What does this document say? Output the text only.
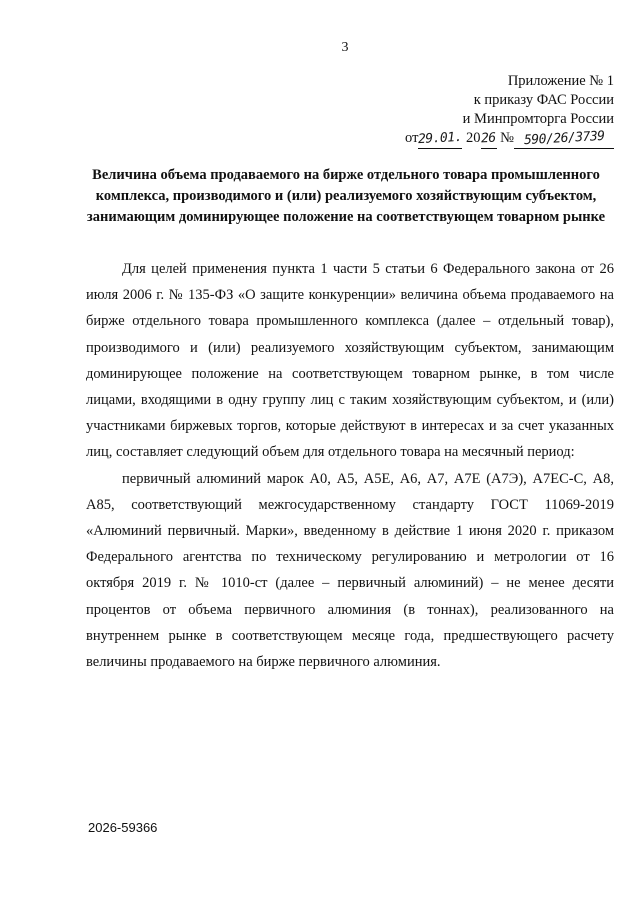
3
Приложение № 1
к приказу ФАС России
и Минпромторга России
от29.01. 2026 № 590/26/3739
Величина объема продаваемого на бирже отдельного товара промышленного комплекса, производимого и (или) реализуемого хозяйствующим субъектом, занимающим доминирующее положение на соответствующем товарном рынке

Для целей применения пункта 1 части 5 статьи 6 Федерального закона от 26 июля 2006 г. № 135-ФЗ «О защите конкуренции» величина объема продаваемого на бирже отдельного товара промышленного комплекса (далее – отдельный товар), производимого и (или) реализуемого хозяйствующим субъектом, занимающим доминирующее положение на соответствующем товарном рынке, в том числе лицами, входящими в одну группу лиц с таким хозяйствующим субъектом, и (или) участниками биржевых торгов, которые действуют в интересах и за счет указанных лиц, составляет следующий объем для отдельного товара на месячный период:

первичный алюминий марок А0, А5, А5Е, А6, А7, А7Е (А7Э), А7ЕС-С, А8, А85, соответствующий межгосударственному стандарту ГОСТ 11069-2019 «Алюминий первичный. Марки», введенному в действие 1 июня 2020 г. приказом Федерального агентства по техническому регулированию и метрологии от 16 октября 2019 г. № 1010-ст (далее – первичный алюминий) – не менее десяти процентов от объема первичного алюминия (в тоннах), реализованного на внутреннем рынке в соответствующем месяце года, предшествующего расчету величины продаваемого на бирже первичного алюминия.

2026-59366
